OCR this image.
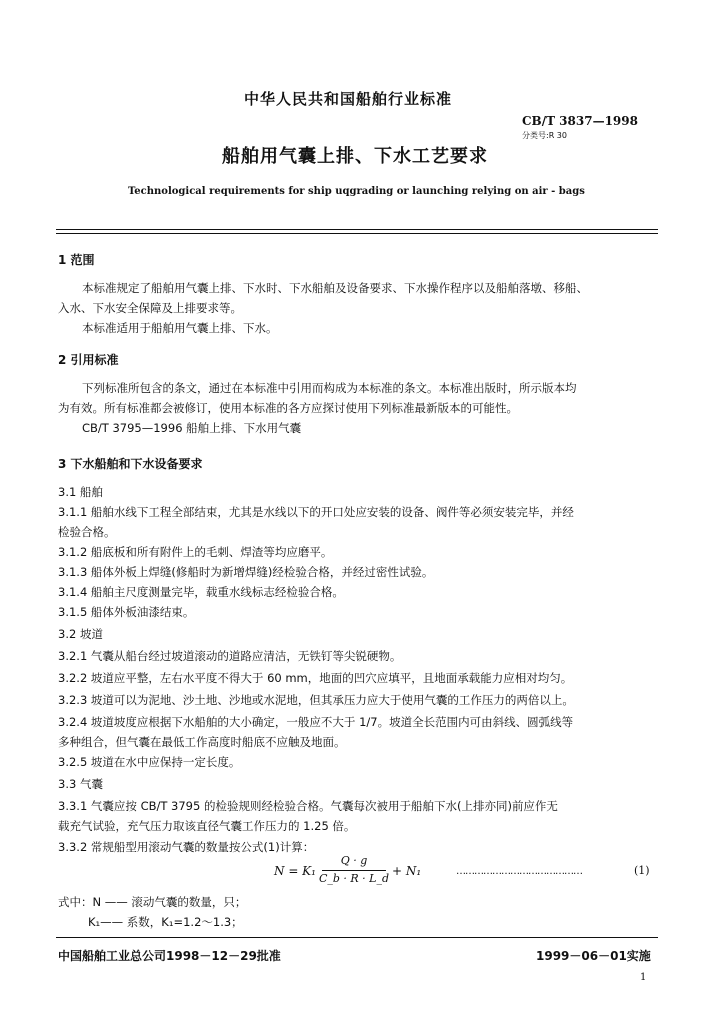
中华人民共和国船舶行业标准
CB/T 3837—1998
分类号:R 30
船舶用气囊上排、下水工艺要求
Technological requirements for ship uqgrading or launching relying on air - bags
1 范围
本标准规定了船舶用气囊上排、下水时、下水船舶及设备要求、下水操作程序以及船舶落墩、移船、
入水、下水安全保障及上排要求等。
本标准适用于船舶用气囊上排、下水。
2 引用标准
下列标准所包含的条文，通过在本标准中引用而构成为本标准的条文。本标准出版时，所示版本均
为有效。所有标准都会被修订，使用本标准的各方应探讨使用下列标准最新版本的可能性。
CB/T 3795—1996 船舶上排、下水用气囊
3 下水船舶和下水设备要求
3.1 船舶
3.1.1 船舶水线下工程全部结束，尤其是水线以下的开口处应安装的设备、阀件等必须安装完毕，并经
检验合格。
3.1.2 船底板和所有附件上的毛刺、焊渣等均应磨平。
3.1.3 船体外板上焊缝(修船时为新增焊缝)经检验合格，并经过密性试验。
3.1.4 船舶主尺度测量完毕，载重水线标志经检验合格。
3.1.5 船体外板油漆结束。
3.2 坡道
3.2.1 气囊从船台经过坡道滚动的道路应清洁，无铁钉等尖锐硬物。
3.2.2 坡道应平整，左右水平度不得大于 60 mm，地面的凹穴应填平，且地面承载能力应相对均匀。
3.2.3 坡道可以为泥地、沙土地、沙地或水泥地，但其承压力应大于使用气囊的工作压力的两倍以上。
3.2.4 坡道坡度应根据下水船舶的大小确定，一般应不大于 1/7。坡道全长范围内可由斜线、圆弧线等
多种组合，但气囊在最低工作高度时船底不应触及地面。
3.2.5 坡道在水中应保持一定长度。
3.3 气囊
3.3.1 气囊应按 CB/T 3795 的检验规则经检验合格。气囊每次被用于船舶下水(上排亦同)前应作无
载充气试验，充气压力取该直径气囊工作压力的 1.25 倍。
3.3.2 常规船型用滚动气囊的数量按公式(1)计算：
N = K₁
Q · g
C_b · R · L_d
+ N₁	……………………………………	(1)
式中：N —— 滚动气囊的数量，只；
K₁—— 系数，K₁=1.2～1.3；
中国船舶工业总公司1998－12－29批准	1999－06－01实施
1
